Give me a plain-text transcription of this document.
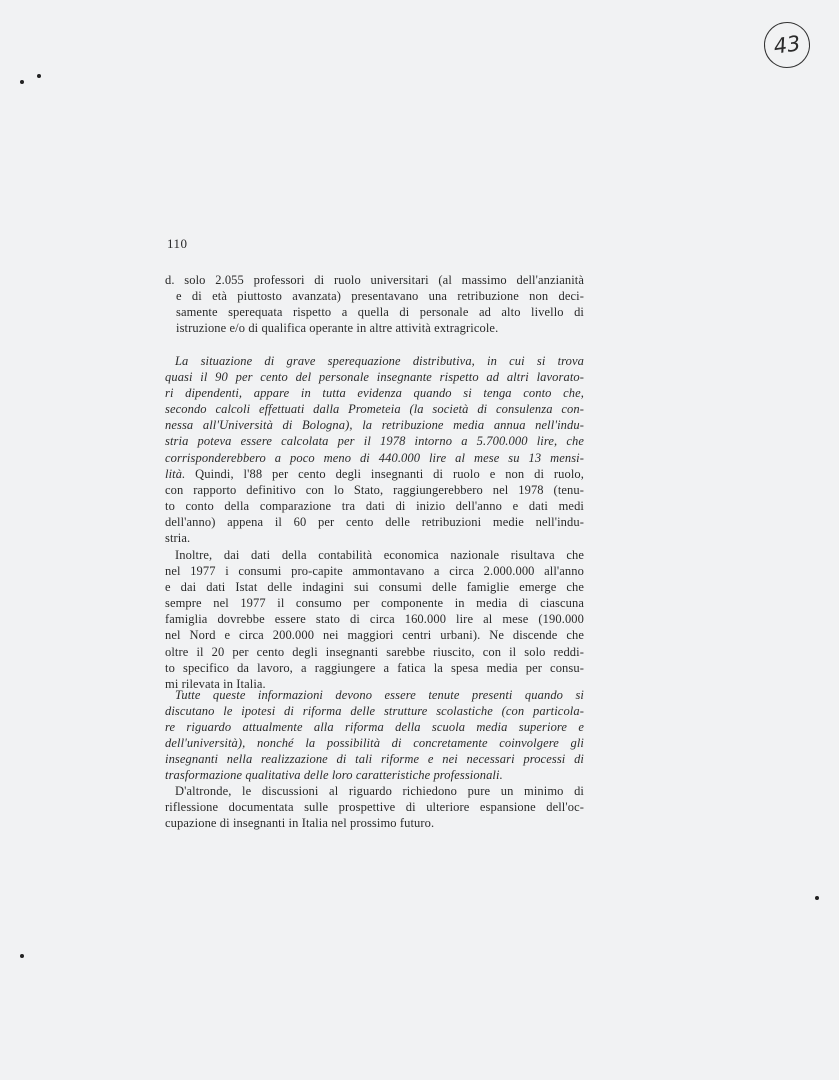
43
110
d. solo 2.055 professori di ruolo universitari (al massimo dell'anzianità
e di età piuttosto avanzata) presentavano una retribuzione non deci-
samente sperequata rispetto a quella di personale ad alto livello di
istruzione e/o di qualifica operante in altre attività extragricole.
La situazione di grave sperequazione distributiva, in cui si trova
quasi il 90 per cento del personale insegnante rispetto ad altri lavorato-
ri dipendenti, appare in tutta evidenza quando si tenga conto che,
secondo calcoli effettuati dalla Prometeia (la società di consulenza con-
nessa all'Università di Bologna), la retribuzione media annua nell'indu-
stria poteva essere calcolata per il 1978 intorno a 5.700.000 lire, che
corrisponderebbero a poco meno di 440.000 lire al mese su 13 mensi-
lità. Quindi, l'88 per cento degli insegnanti di ruolo e non di ruolo,
con rapporto definitivo con lo Stato, raggiungerebbero nel 1978 (tenu-
to conto della comparazione tra dati di inizio dell'anno e dati medi
dell'anno) appena il 60 per cento delle retribuzioni medie nell'indu-
stria.
Inoltre, dai dati della contabilità economica nazionale risultava che
nel 1977 i consumi pro-capite ammontavano a circa 2.000.000 all'anno
e dai dati Istat delle indagini sui consumi delle famiglie emerge che
sempre nel 1977 il consumo per componente in media di ciascuna
famiglia dovrebbe essere stato di circa 160.000 lire al mese (190.000
nel Nord e circa 200.000 nei maggiori centri urbani). Ne discende che
oltre il 20 per cento degli insegnanti sarebbe riuscito, con il solo reddi-
to specifico da lavoro, a raggiungere a fatica la spesa media per consu-
mi rilevata in Italia.
Tutte queste informazioni devono essere tenute presenti quando si
discutano le ipotesi di riforma delle strutture scolastiche (con particola-
re riguardo attualmente alla riforma della scuola media superiore e
dell'università), nonché la possibilità di concretamente coinvolgere gli
insegnanti nella realizzazione di tali riforme e nei necessari processi di
trasformazione qualitativa delle loro caratteristiche professionali.
D'altronde, le discussioni al riguardo richiedono pure un minimo di
riflessione documentata sulle prospettive di ulteriore espansione dell'oc-
cupazione di insegnanti in Italia nel prossimo futuro.
